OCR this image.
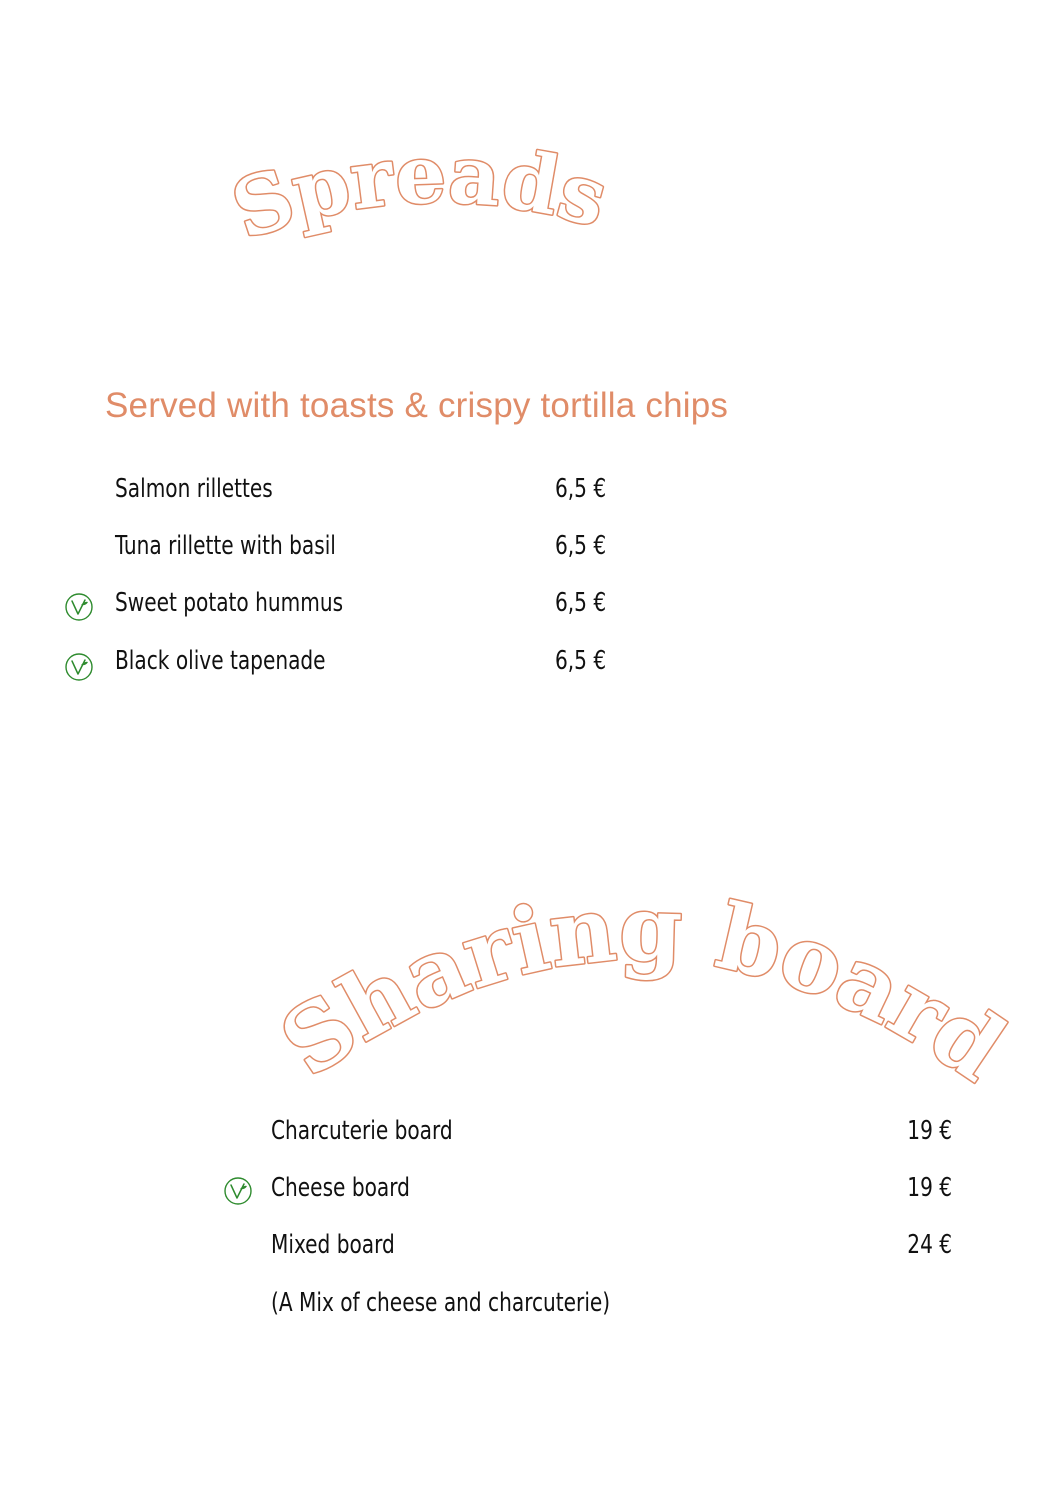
Spreads
Served with toasts & crispy tortilla chips
Salmon rillettes	6,5 €
Tuna rillette with basil	6,5 €
Sweet potato hummus	6,5 €
Black olive tapenade	6,5 €
Sharing boards
Charcuterie board	19 €
Cheese board	19 €
Mixed board	24 €
(A Mix of cheese and charcuterie)
